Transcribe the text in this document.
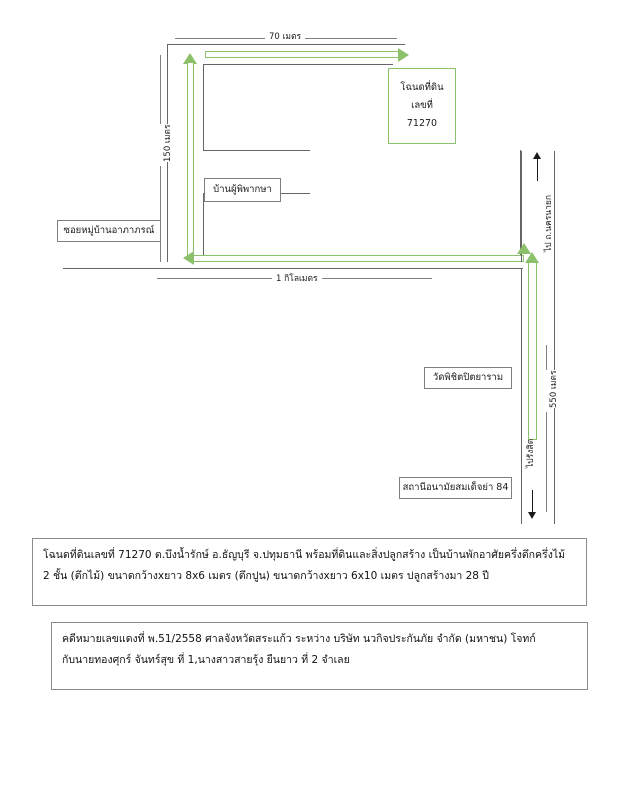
70 เมตร
150 เมตร
โฉนดที่ดิน
เลขที่
71270
บ้านผู้พิพากษา
ซอยหมู่บ้านอาภาภรณ์
1 กิโลเมตร
ไป ถ.นครนายก
550 เมตร
วัดพิชิตปิตยาราม
สถานีอนามัยสมเด็จย่า 84
ไปรังสิต

โฉนดที่ดินเลขที่ 71270 ต.บึงน้ำรักษ์ อ.ธัญบุรี จ.ปทุมธานี พร้อมที่ดินและสิ่งปลูกสร้าง เป็นบ้านพักอาศัยครึ่งตึกครึ่งไม้

2 ชั้น (ตึกไม้) ขนาดกว้างxยาว 8x6 เมตร (ตึกปูน) ขนาดกว้างxยาว 6x10 เมตร ปลูกสร้างมา 28 ปี

คดีหมายเลขแดงที่ พ.51/2558 ศาลจังหวัดสระแก้ว ระหว่าง บริษัท นวกิจประกันภัย จำกัด (มหาชน) โจทก์

กับนายทองศุกร์ จันทร์สุข ที่ 1,นางสาวสายรุ้ง ยืนยาว ที่ 2 จำเลย
